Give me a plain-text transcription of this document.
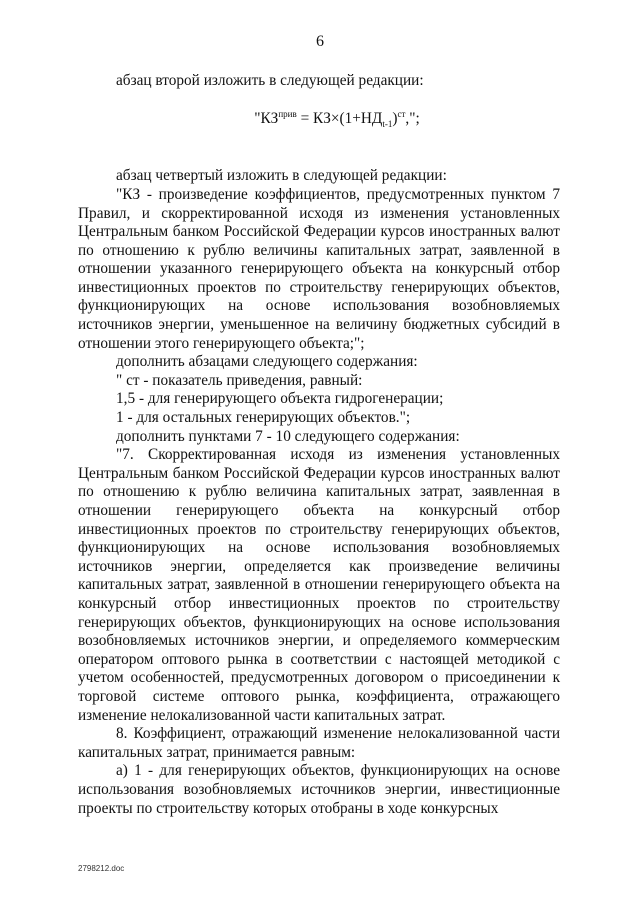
6

абзац второй изложить в следующей редакции:

"$КЗ^{прив} = КЗ\times(1+НД_{t-1})^{ст}$,";

абзац четвертый изложить в следующей редакции:

"КЗ - произведение коэффициентов, предусмотренных пунктом 7 Правил, и скорректированной исходя из изменения установленных Центральным банком Российской Федерации курсов иностранных валют по отношению к рублю величины капитальных затрат, заявленной в отношении указанного генерирующего объекта на конкурсный отбор инвестиционных проектов по строительству генерирующих объектов, функционирующих на основе использования возобновляемых источников энергии, уменьшенное на величину бюджетных субсидий в отношении этого генерирующего объекта;";

дополнить абзацами следующего содержания:

" ст - показатель приведения, равный:

1,5 - для генерирующего объекта гидрогенерации;

1 - для остальных генерирующих объектов.";

дополнить пунктами 7 - 10 следующего содержания:

"7. Скорректированная исходя из изменения установленных Центральным банком Российской Федерации курсов иностранных валют по отношению к рублю величина капитальных затрат, заявленная в отношении генерирующего объекта на конкурсный отбор инвестиционных проектов по строительству генерирующих объектов, функционирующих на основе использования возобновляемых источников энергии, определяется как произведение величины капитальных затрат, заявленной в отношении генерирующего объекта на конкурсный отбор инвестиционных проектов по строительству генерирующих объектов, функционирующих на основе использования возобновляемых источников энергии, и определяемого коммерческим оператором оптового рынка в соответствии с настоящей методикой с учетом особенностей, предусмотренных договором о присоединении к торговой системе оптового рынка, коэффициента, отражающего изменение нелокализованной части капитальных затрат.

8. Коэффициент, отражающий изменение нелокализованной части капитальных затрат, принимается равным:

а) 1 - для генерирующих объектов, функционирующих на основе использования возобновляемых источников энергии, инвестиционные проекты по строительству которых отобраны в ходе конкурсных

2798212.doc
